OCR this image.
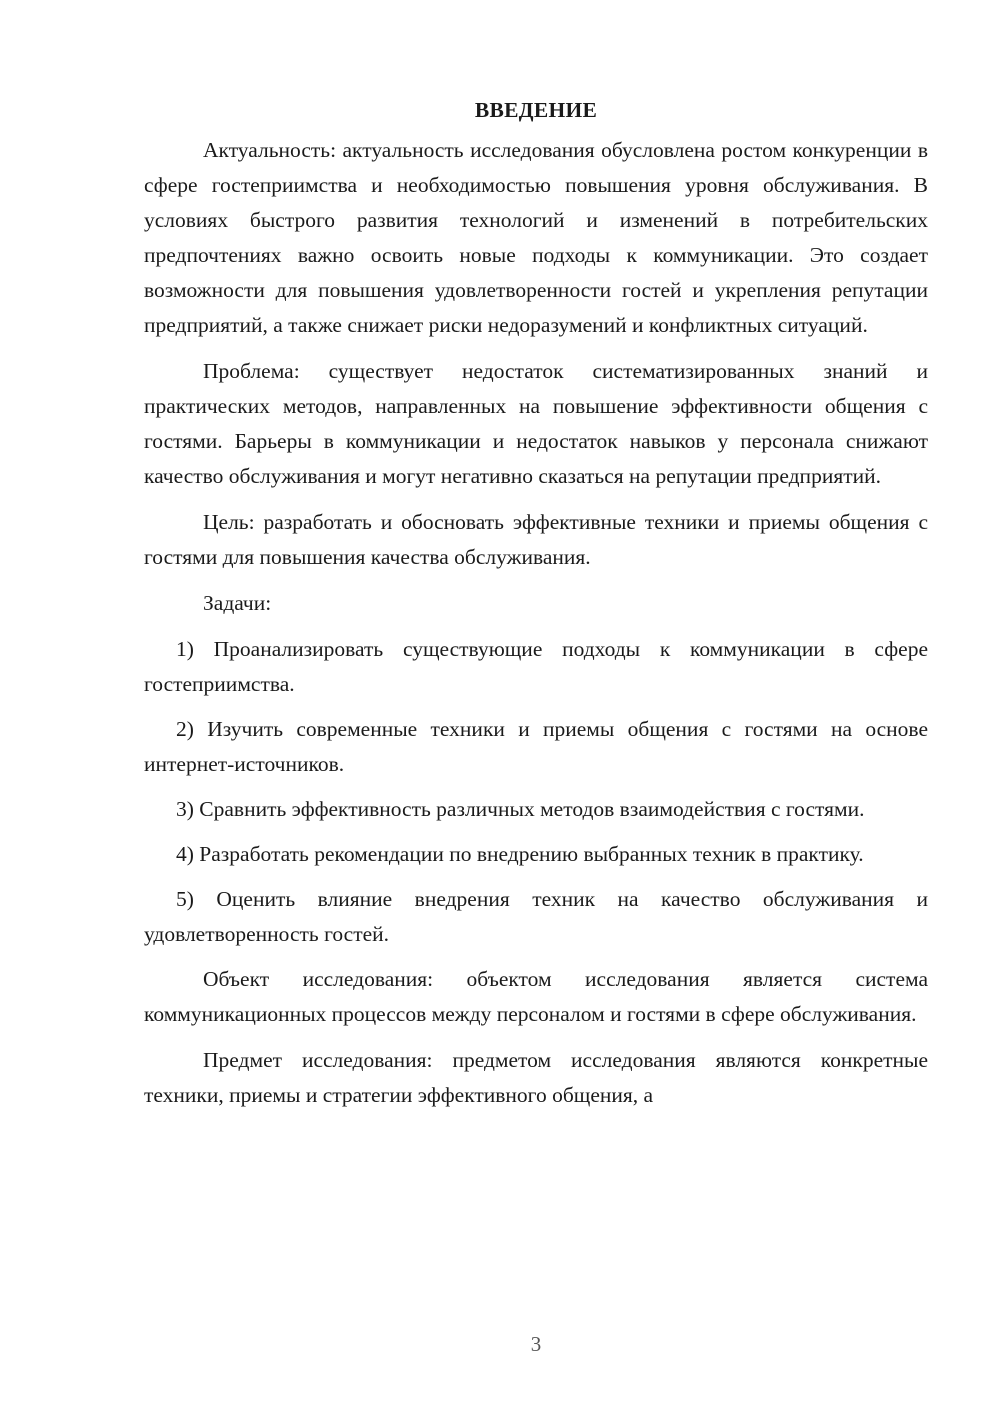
ВВЕДЕНИЕ

Актуальность: актуальность исследования обусловлена ростом конкуренции в сфере гостеприимства и необходимостью повышения уровня обслуживания. В условиях быстрого развития технологий и изменений в потребительских предпочтениях важно освоить новые подходы к коммуникации. Это создает возможности для повышения удовлетворенности гостей и укрепления репутации предприятий, а также снижает риски недоразумений и конфликтных ситуаций.

Проблема: существует недостаток систематизированных знаний и практических методов, направленных на повышение эффективности общения с гостями. Барьеры в коммуникации и недостаток навыков у персонала снижают качество обслуживания и могут негативно сказаться на репутации предприятий.

Цель: разработать и обосновать эффективные техники и приемы общения с гостями для повышения качества обслуживания.

Задачи:

1) Проанализировать существующие подходы к коммуникации в сфере гостеприимства.

2) Изучить современные техники и приемы общения с гостями на основе интернет-источников.

3) Сравнить эффективность различных методов взаимодействия с гостями.

4) Разработать рекомендации по внедрению выбранных техник в практику.

5) Оценить влияние внедрения техник на качество обслуживания и удовлетворенность гостей.

Объект исследования: объектом исследования является система коммуникационных процессов между персоналом и гостями в сфере обслуживания.

Предмет исследования: предметом исследования являются конкретные техники, приемы и стратегии эффективного общения, а

3
